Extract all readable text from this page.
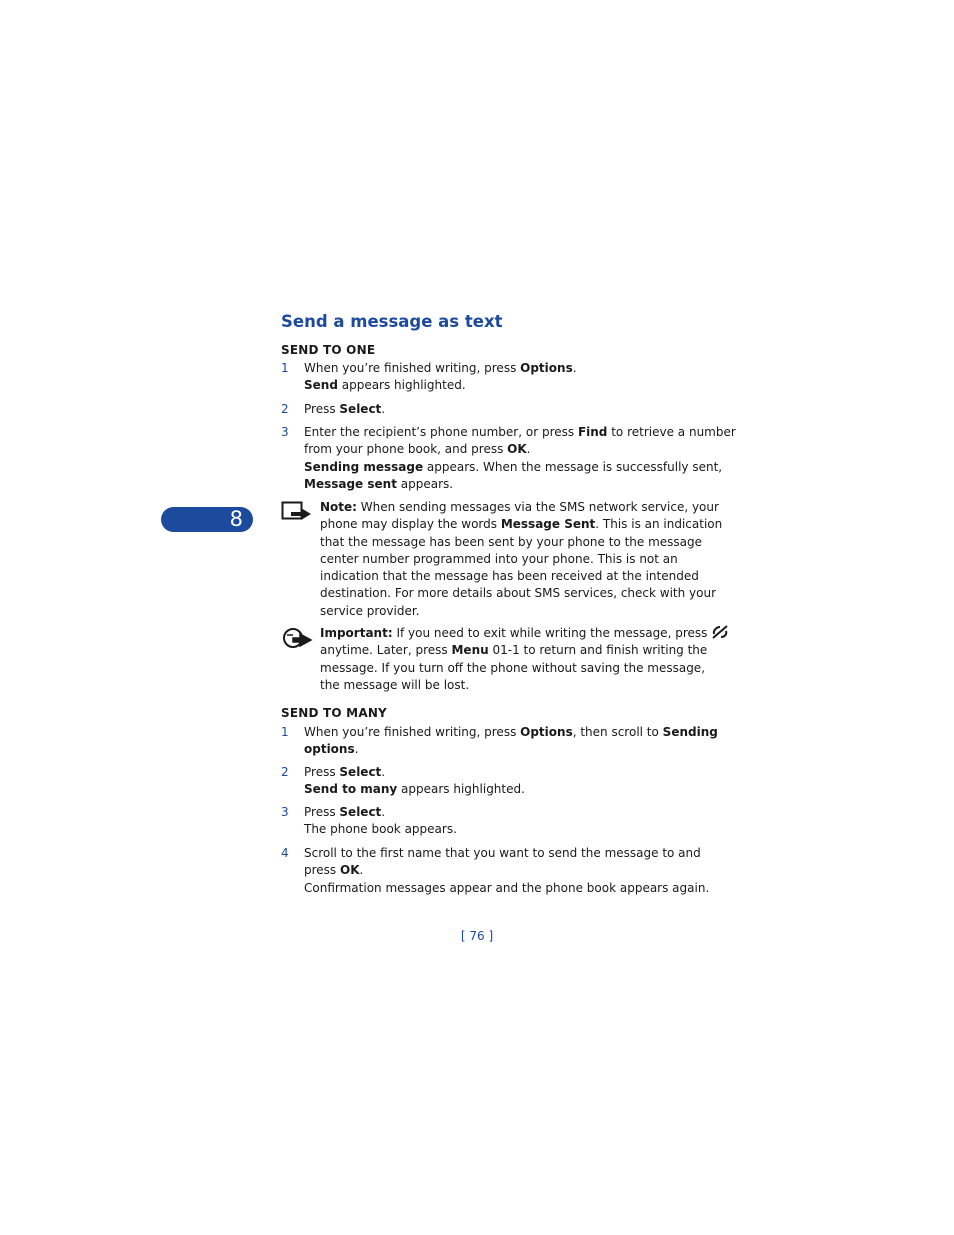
8
Send a message as text
SEND TO ONE
1 When you’re finished writing, press Options.

Send appears highlighted.

2 Press Select.

3 Enter the recipient’s phone number, or press Find to retrieve a number

from your phone book, and press OK.

Sending message appears. When the message is successfully sent,

Message sent appears.

Note: When sending messages via the SMS network service, your

phone may display the words Message Sent. This is an indication

that the message has been sent by your phone to the message

center number programmed into your phone. This is not an

indication that the message has been received at the intended

destination. For more details about SMS services, check with your

service provider.

Important: If you need to exit while writing the message, press

anytime. Later, press Menu 01-1 to return and finish writing the

message. If you turn off the phone without saving the message,

the message will be lost.

SEND TO MANY
1 When you’re finished writing, press Options, then scroll to Sending

options.

2 Press Select.

Send to many appears highlighted.

3 Press Select.

The phone book appears.

4 Scroll to the first name that you want to send the message to and

press OK.

Confirmation messages appear and the phone book appears again.

[ 76 ]
